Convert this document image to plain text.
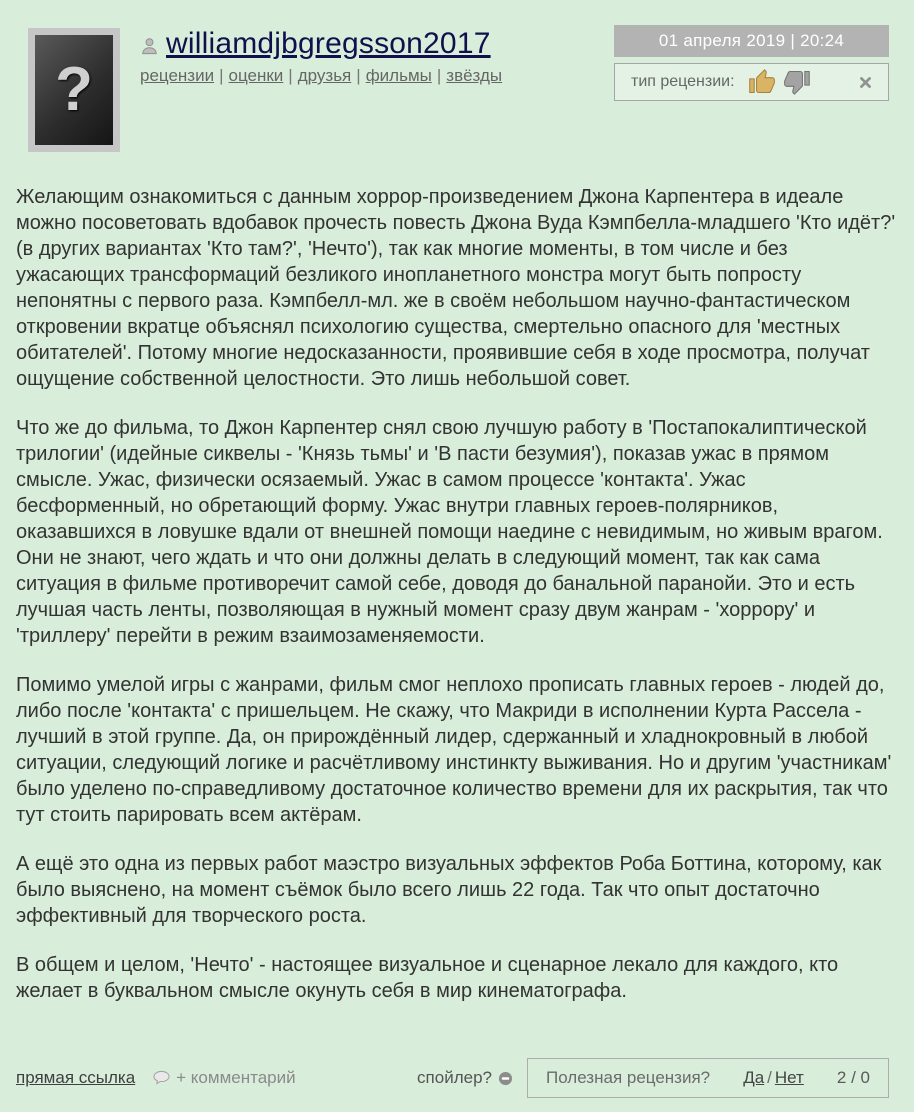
?
williamdjbgregsson2017
рецензии | оценки | друзья | фильмы | звёзды
01 апреля 2019 | 20:24
тип рецензии:

Желающим ознакомиться с данным хоррор-произведением Джона Карпентера в идеале можно посоветовать вдобавок прочесть повесть Джона Вуда Кэмпбелла-младшего 'Кто идёт?' (в других вариантах 'Кто там?', 'Нечто'), так как многие моменты, в том числе и без ужасающих трансформаций безликого инопланетного монстра могут быть попросту непонятны с первого раза. Кэмпбелл-мл. же в своём небольшом научно-фантастическом откровении вкратце объяснял психологию существа, смертельно опасного для 'местных обитателей'. Потому многие недосказанности, проявившие себя в ходе просмотра, получат ощущение собственной целостности. Это лишь небольшой совет.

Что же до фильма, то Джон Карпентер снял свою лучшую работу в 'Постапокалиптической трилогии' (идейные сиквелы - 'Князь тьмы' и 'В пасти безумия'), показав ужас в прямом смысле. Ужас, физически осязаемый. Ужас в самом процессе 'контакта'. Ужас бесформенный, но обретающий форму. Ужас внутри главных героев-полярников, оказавшихся в ловушке вдали от внешней помощи наедине с невидимым, но живым врагом. Они не знают, чего ждать и что они должны делать в следующий момент, так как сама ситуация в фильме противоречит самой себе, доводя до банальной паранойи. Это и есть лучшая часть ленты, позволяющая в нужный момент сразу двум жанрам - 'хоррору' и 'триллеру' перейти в режим взаимозаменяемости.

Помимо умелой игры с жанрами, фильм смог неплохо прописать главных героев - людей до, либо после 'контакта' с пришельцем. Не скажу, что Макриди в исполнении Курта Рассела - лучший в этой группе. Да, он прирождённый лидер, сдержанный и хладнокровный в любой ситуации, следующий логике и расчётливому инстинкту выживания. Но и другим 'участникам' было уделено по-справедливому достаточное количество времени для их раскрытия, так что тут стоить парировать всем актёрам.

А ещё это одна из первых работ маэстро визуальных эффектов Роба Боттина, которому, как было выяснено, на момент съёмок было всего лишь 22 года. Так что опыт достаточно эффективный для творческого роста.

В общем и целом, 'Нечто' - настоящее визуальное и сценарное лекало для каждого, кто желает в буквальном смысле окунуть себя в мир кинематографа.

прямая ссылка + комментарий	спойлер?	Полезная рецензия? Да / Нет 2 / 0
